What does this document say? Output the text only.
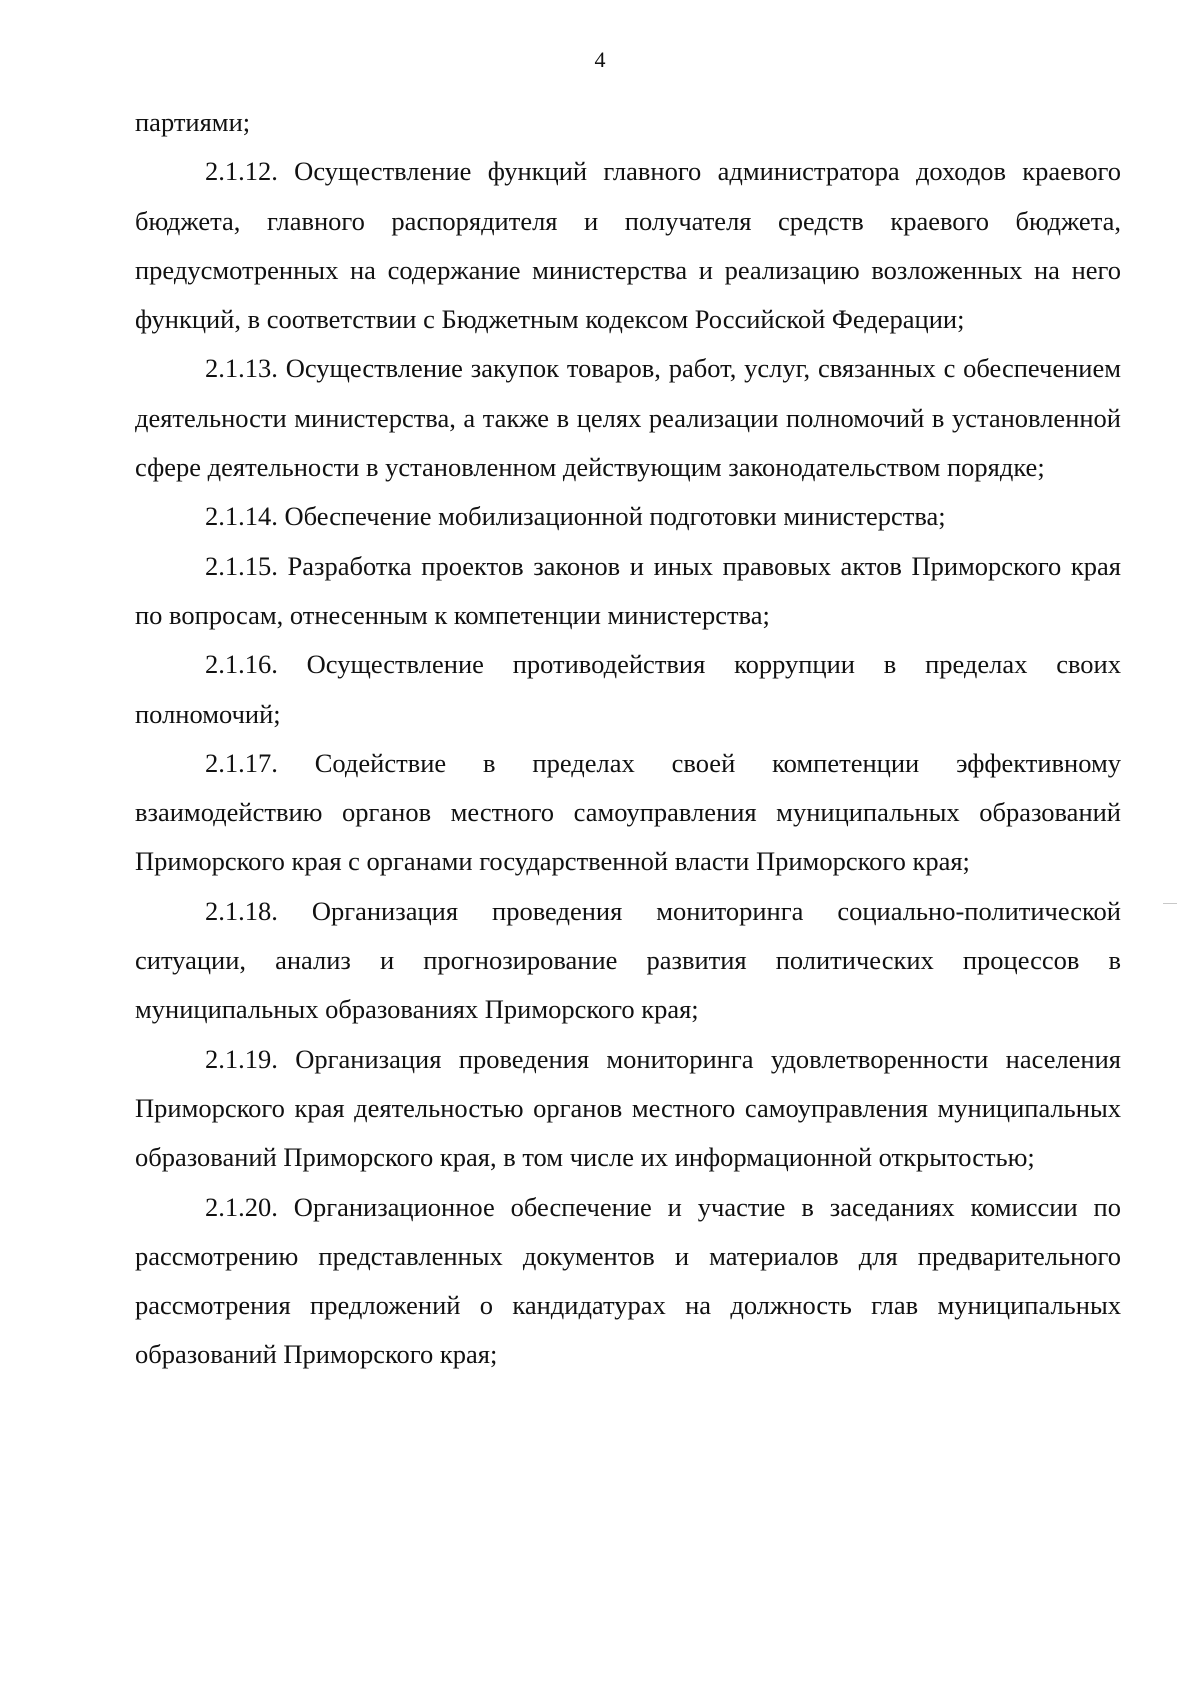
4

партиями;

2.1.12. Осуществление функций главного администратора доходов краевого бюджета, главного распорядителя и получателя средств краевого бюджета, предусмотренных на содержание министерства и реализацию возложенных на него функций, в соответствии с Бюджетным кодексом Российской Федерации;

2.1.13. Осуществление закупок товаров, работ, услуг, связанных с обеспечением деятельности министерства, а также в целях реализации полномочий в установленной сфере деятельности в установленном действующим законодательством порядке;

2.1.14. Обеспечение мобилизационной подготовки министерства;

2.1.15. Разработка проектов законов и иных правовых актов Приморского края по вопросам, отнесенным к компетенции министерства;

2.1.16. Осуществление противодействия коррупции в пределах своих полномочий;

2.1.17. Содействие в пределах своей компетенции эффективному взаимодействию органов местного самоуправления муниципальных образований Приморского края с органами государственной власти Приморского края;

2.1.18. Организация проведения мониторинга социально-политической ситуации, анализ и прогнозирование развития политических процессов в муниципальных образованиях Приморского края;

2.1.19. Организация проведения мониторинга удовлетворенности населения Приморского края деятельностью органов местного самоуправления муниципальных образований Приморского края, в том числе их информационной открытостью;

2.1.20. Организационное обеспечение и участие в заседаниях комиссии по рассмотрению представленных документов и материалов для предварительного рассмотрения предложений о кандидатурах на должность глав муниципальных образований Приморского края;
